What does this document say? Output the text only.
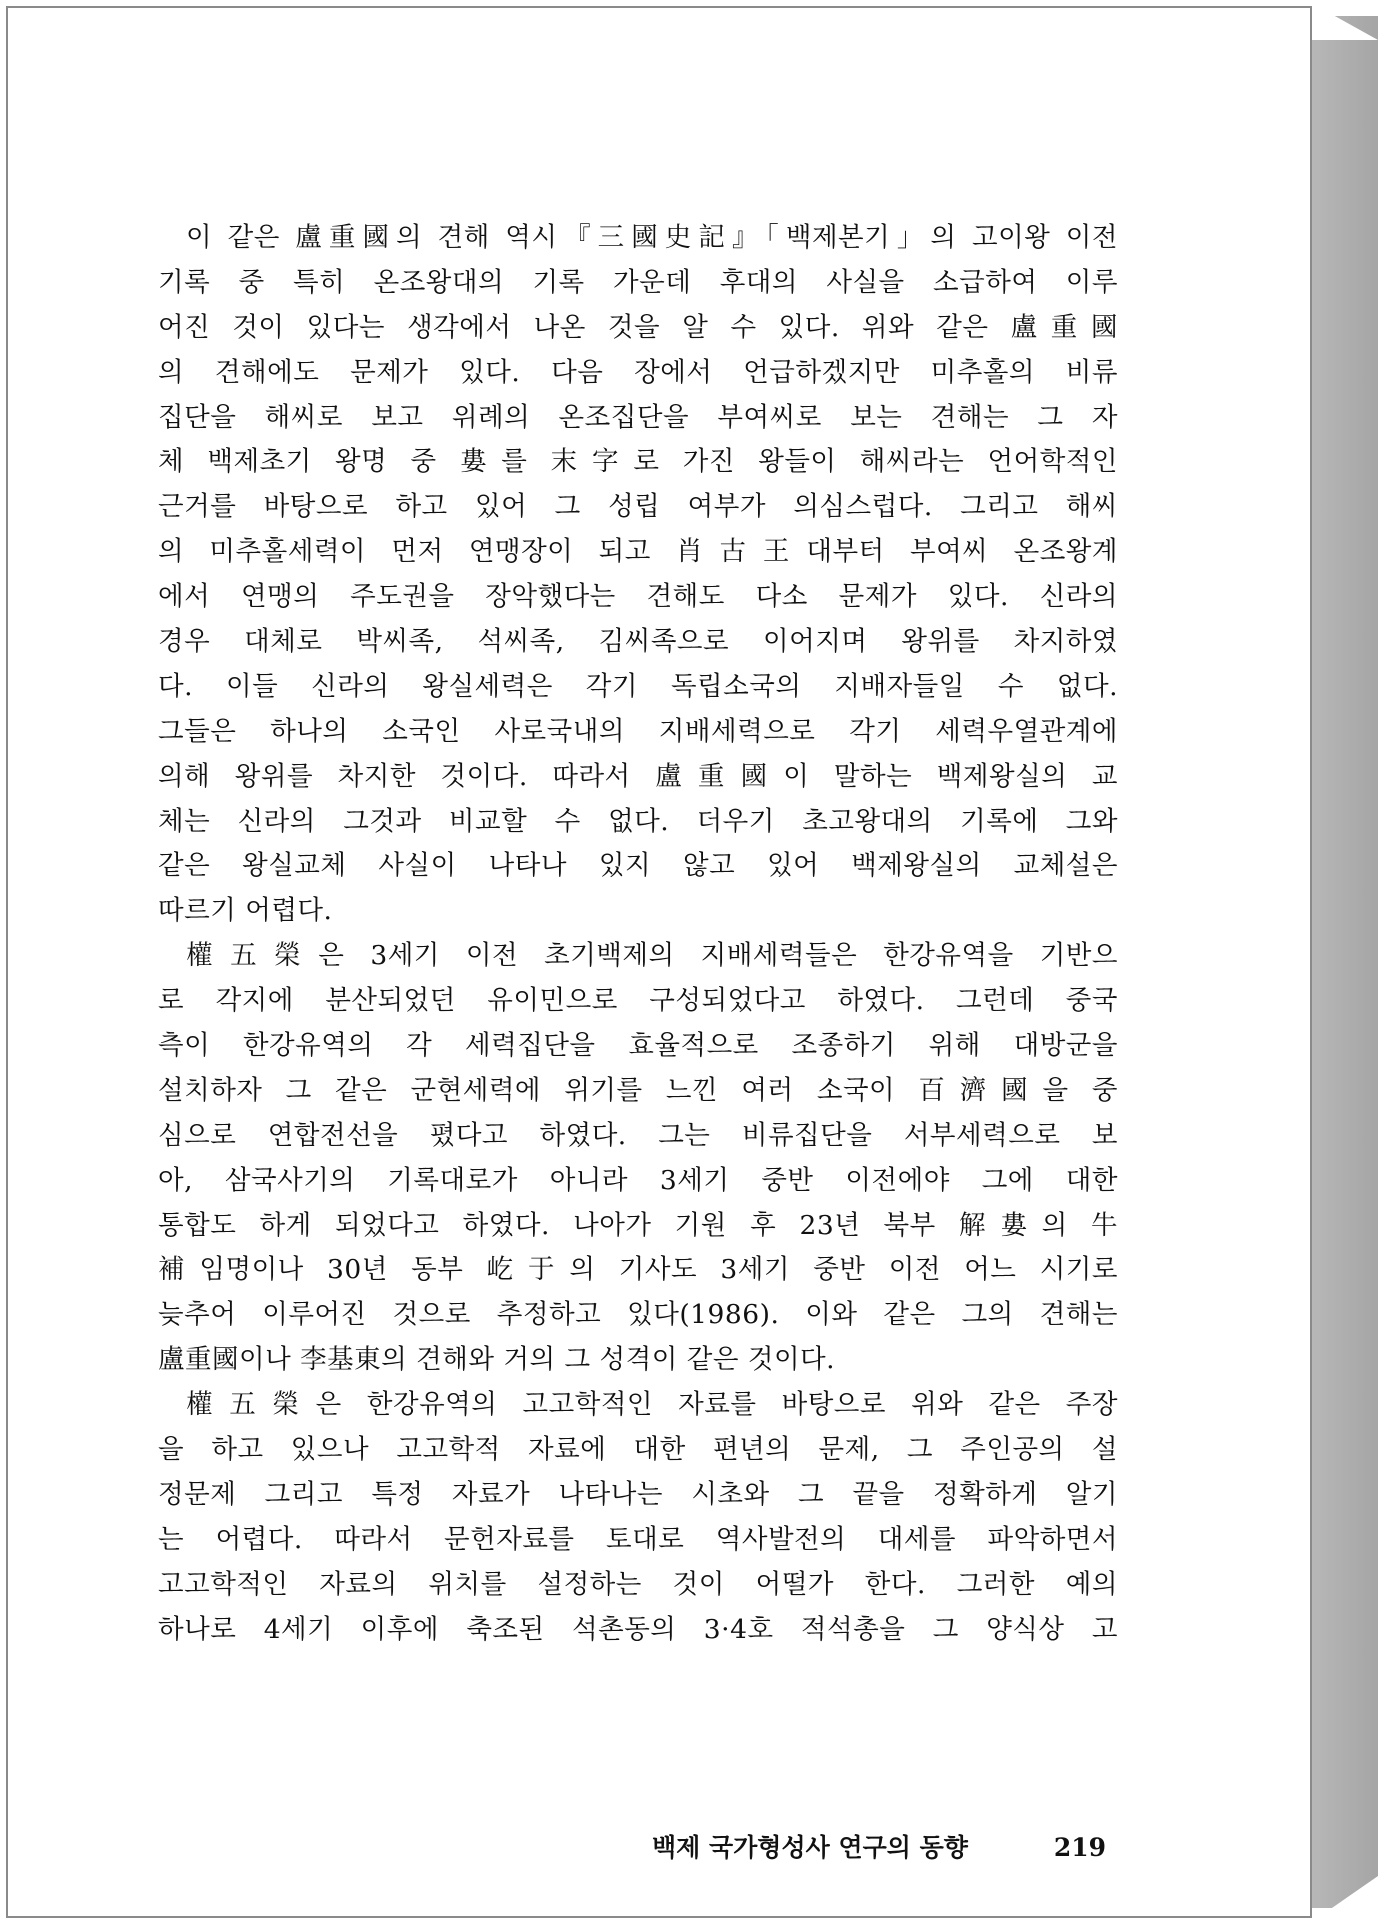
이 같은 盧重國의 견해 역시『三國史記』「백제본기」의 고이왕 이전
기록 중 특히 온조왕대의 기록 가운데 후대의 사실을 소급하여 이루
어진 것이 있다는 생각에서 나온 것을 알 수 있다. 위와 같은 盧重國
의 견해에도 문제가 있다. 다음 장에서 언급하겠지만 미추홀의 비류
집단을 해씨로 보고 위례의 온조집단을 부여씨로 보는 견해는 그 자
체 백제초기 왕명 중 婁를 末字로 가진 왕들이 해씨라는 언어학적인
근거를 바탕으로 하고 있어 그 성립 여부가 의심스럽다. 그리고 해씨
의 미추홀세력이 먼저 연맹장이 되고 肖古王대부터 부여씨 온조왕계
에서 연맹의 주도권을 장악했다는 견해도 다소 문제가 있다. 신라의
경우 대체로 박씨족, 석씨족, 김씨족으로 이어지며 왕위를 차지하였
다. 이들 신라의 왕실세력은 각기 독립소국의 지배자들일 수 없다.
그들은 하나의 소국인 사로국내의 지배세력으로 각기 세력우열관계에
의해 왕위를 차지한 것이다. 따라서 盧重國이 말하는 백제왕실의 교
체는 신라의 그것과 비교할 수 없다. 더우기 초고왕대의 기록에 그와
같은 왕실교체 사실이 나타나 있지 않고 있어 백제왕실의 교체설은
따르기 어렵다.
權五榮은 3세기 이전 초기백제의 지배세력들은 한강유역을 기반으
로 각지에 분산되었던 유이민으로 구성되었다고 하였다. 그런데 중국
측이 한강유역의 각 세력집단을 효율적으로 조종하기 위해 대방군을
설치하자 그 같은 군현세력에 위기를 느낀 여러 소국이 百濟國을 중
심으로 연합전선을 폈다고 하였다. 그는 비류집단을 서부세력으로 보
아, 삼국사기의 기록대로가 아니라 3세기 중반 이전에야 그에 대한
통합도 하게 되었다고 하였다. 나아가 기원 후 23년 북부 解婁의 牛
補임명이나 30년 동부 屹于의 기사도 3세기 중반 이전 어느 시기로
늦추어 이루어진 것으로 추정하고 있다(1986). 이와 같은 그의 견해는
盧重國이나 李基東의 견해와 거의 그 성격이 같은 것이다.
權五榮은 한강유역의 고고학적인 자료를 바탕으로 위와 같은 주장
을 하고 있으나 고고학적 자료에 대한 편년의 문제, 그 주인공의 설
정문제 그리고 특정 자료가 나타나는 시초와 그 끝을 정확하게 알기
는 어렵다. 따라서 문헌자료를 토대로 역사발전의 대세를 파악하면서
고고학적인 자료의 위치를 설정하는 것이 어떨가 한다. 그러한 예의
하나로 4세기 이후에 축조된 석촌동의 3·4호 적석총을 그 양식상 고
백제 국가형성사 연구의 동향	219
